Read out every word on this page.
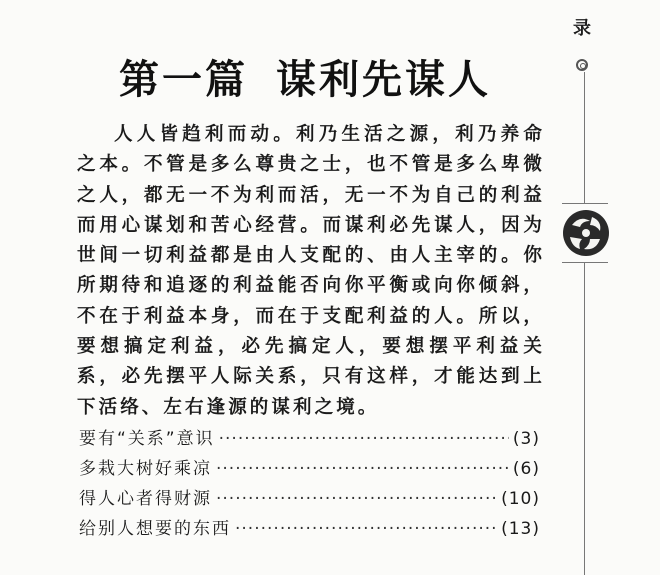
录
第一篇 谋利先谋人

人人皆趋利而动。利乃生活之源，利乃养命之本。不管是多么尊贵之士，也不管是多么卑微之人，都无一不为利而活，无一不为自己的利益而用心谋划和苦心经营。而谋利必先谋人，因为世间一切利益都是由人支配的、由人主宰的。你所期待和追逐的利益能否向你平衡或向你倾斜，不在于利益本身，而在于支配利益的人。所以，要想搞定利益，必先搞定人，要想摆平利益关系，必先摆平人际关系，只有这样，才能达到上下活络、左右逢源的谋利之境。

要有“关系”意识 ·····	(3)
多栽大树好乘凉 ·····	(6)
得人心者得财源 ·····	(10)
给别人想要的东西 ·····	(13)
